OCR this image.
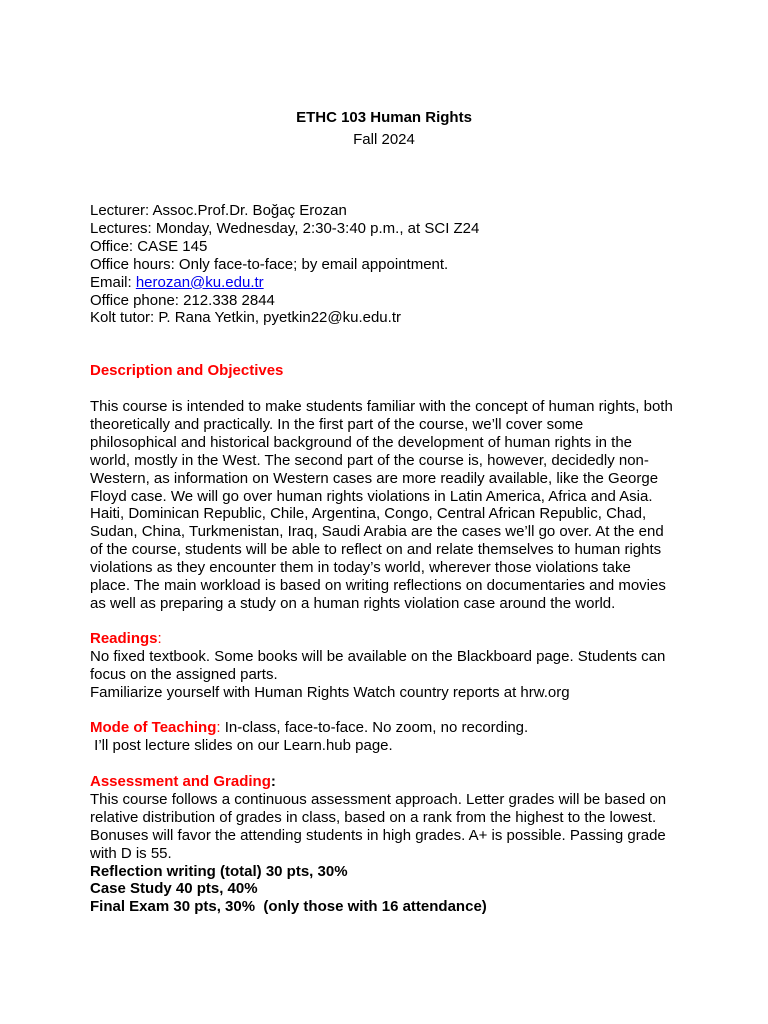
ETHC 103 Human Rights
Fall 2024
Lecturer: Assoc.Prof.Dr. Boğaç Erozan
Lectures: Monday, Wednesday, 2:30-3:40 p.m., at SCI Z24
Office: CASE 145
Office hours: Only face-to-face; by email appointment.
Email: herozan@ku.edu.tr
Office phone: 212.338 2844
Kolt tutor: P. Rana Yetkin, pyetkin22@ku.edu.tr
Description and Objectives
This course is intended to make students familiar with the concept of human rights, both
theoretically and practically. In the first part of the course, we’ll cover some
philosophical and historical background of the development of human rights in the
world, mostly in the West. The second part of the course is, however, decidedly non-
Western, as information on Western cases are more readily available, like the George
Floyd case. We will go over human rights violations in Latin America, Africa and Asia.
Haiti, Dominican Republic, Chile, Argentina, Congo, Central African Republic, Chad,
Sudan, China, Turkmenistan, Iraq, Saudi Arabia are the cases we’ll go over. At the end
of the course, students will be able to reflect on and relate themselves to human rights
violations as they encounter them in today’s world, wherever those violations take
place. The main workload is based on writing reflections on documentaries and movies
as well as preparing a study on a human rights violation case around the world.
Readings:
No fixed textbook. Some books will be available on the Blackboard page. Students can
focus on the assigned parts.
Familiarize yourself with Human Rights Watch country reports at hrw.org
Mode of Teaching: In-class, face-to-face. No zoom, no recording.
I’ll post lecture slides on our Learn.hub page.
Assessment and Grading:
This course follows a continuous assessment approach. Letter grades will be based on
relative distribution of grades in class, based on a rank from the highest to the lowest.
Bonuses will favor the attending students in high grades. A+ is possible. Passing grade
with D is 55.
Reflection writing (total) 30 pts, 30%
Case Study 40 pts, 40%
Final Exam 30 pts, 30%  (only those with 16 attendance)
